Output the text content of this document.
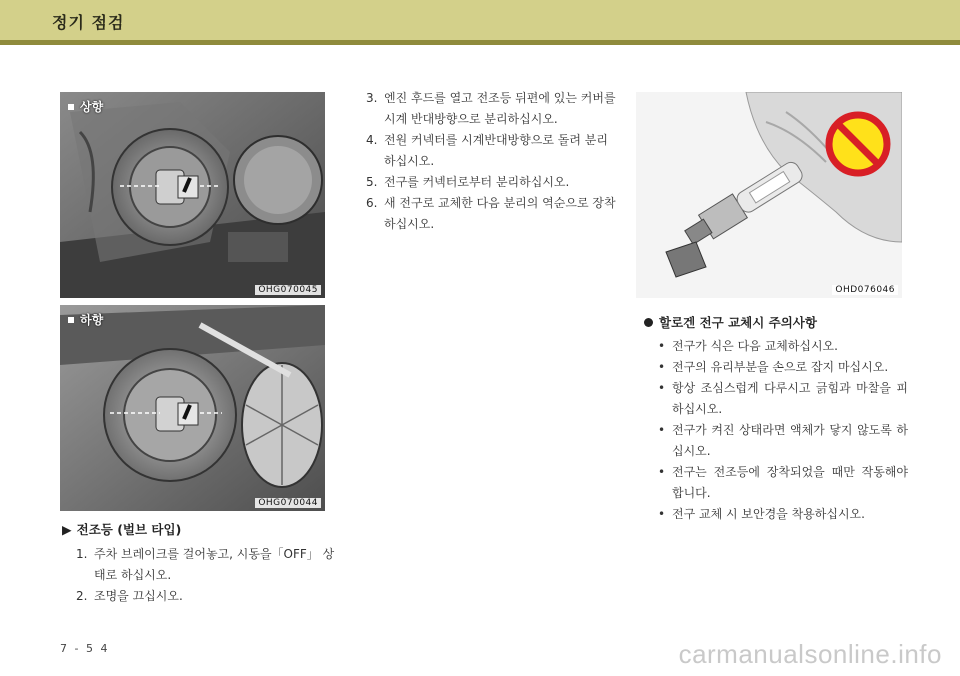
정기 점검
상향
OHG070045
하향
OHG070044
OHD076046
▶ 전조등 (벌브 타입)
1. 주차 브레이크를 걸어놓고, 시동을「OFF」 상태로 하십시오.
2. 조명을 끄십시오.
3. 엔진 후드를 열고 전조등 뒤편에 있는 커버를 시계 반대방향으로 분리하십시오.
4. 전원 커넥터를 시계반대방향으로 돌려 분리하십시오.
5. 전구를 커넥터로부터 분리하십시오.
6. 새 전구로 교체한 다음 분리의 역순으로 장착하십시오.
할로겐 전구 교체시 주의사항
• 전구가 식은 다음 교체하십시오.
• 전구의 유리부분을 손으로 잡지 마십시오.
• 항상 조심스럽게 다루시고 긁힘과 마찰을 피하십시오.
• 전구가 켜진 상태라면 액체가 닿지 않도록 하십시오.
• 전구는 전조등에 장착되었을 때만 작동해야 합니다.
• 전구 교체 시 보안경을 착용하십시오.
7 - 5 4	carmanualsonline.info
